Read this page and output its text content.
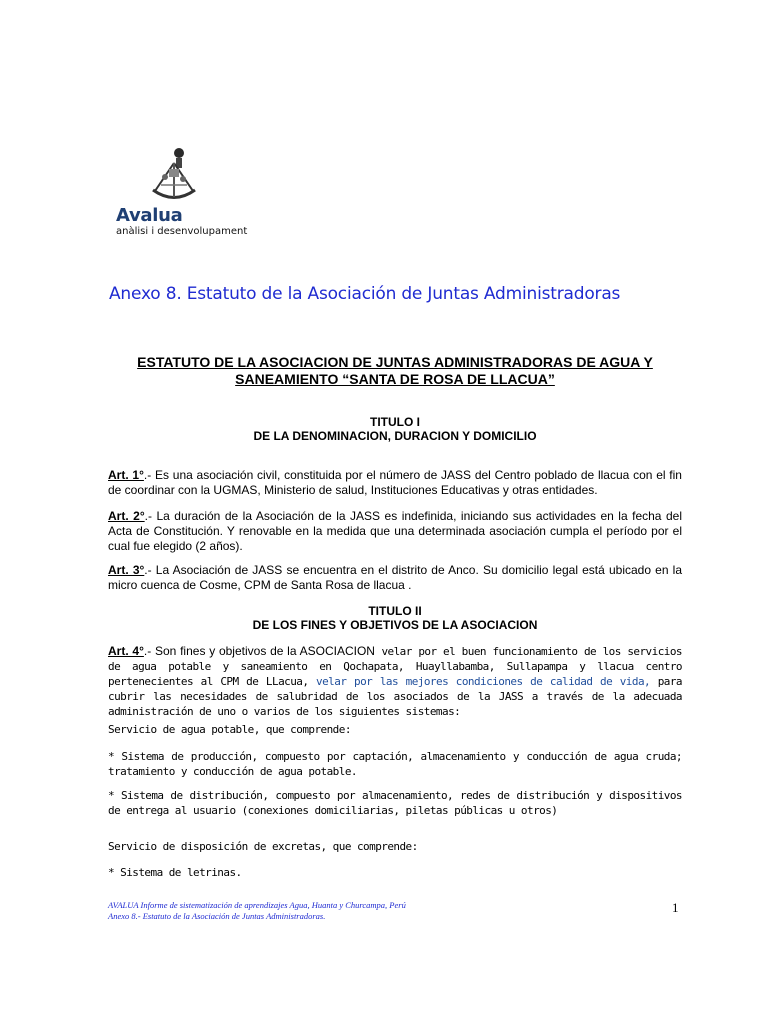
Avalua
anàlisi i desenvolupament
Anexo 8. Estatuto de la Asociación de Juntas Administradoras
ESTATUTO DE LA ASOCIACION DE JUNTAS ADMINISTRADORAS DE AGUA Y
SANEAMIENTO “SANTA DE ROSA DE LLACUA”
TITULO I
DE LA DENOMINACION, DURACION Y DOMICILIO
Art. 1°.- Es una asociación civil, constituida por el número de JASS del Centro poblado de llacua con el fin de coordinar con la UGMAS, Ministerio de salud, Instituciones Educativas y otras entidades.
Art. 2°.- La duración de la Asociación de la JASS es indefinida, iniciando sus actividades en la fecha del Acta de Constitución. Y renovable en la medida que una determinada asociación cumpla el período por el cual fue elegido (2 años).
Art. 3°.- La Asociación de JASS se encuentra en el distrito de Anco. Su domicilio legal está ubicado en la micro cuenca de Cosme, CPM de Santa Rosa de llacua .
TITULO II
DE LOS FINES Y OBJETIVOS DE LA ASOCIACION
Art. 4°.- Son fines y objetivos de la ASOCIACION velar por el buen funcionamiento de los servicios de agua potable y saneamiento en Qochapata, Huayllabamba, Sullapampa y llacua centro pertenecientes al CPM de LLacua, velar por las mejores condiciones de calidad de vida, para cubrir las necesidades de salubridad de los asociados de la JASS a través de la adecuada administración de uno o varios de los siguientes sistemas:
Servicio de agua potable, que comprende:
* Sistema de producción, compuesto por captación, almacenamiento y conducción de agua cruda; tratamiento y conducción de agua potable.
* Sistema de distribución, compuesto por almacenamiento, redes de distribución y dispositivos de entrega al usuario (conexiones domiciliarias, piletas públicas u otros)
Servicio de disposición de excretas, que comprende:
* Sistema de letrinas.
AVALUA Informe de sistematización de aprendizajes Agua, Huanta y Churcampa, Perú
Anexo 8.- Estatuto de la Asociación de Juntas Administradoras.
1
